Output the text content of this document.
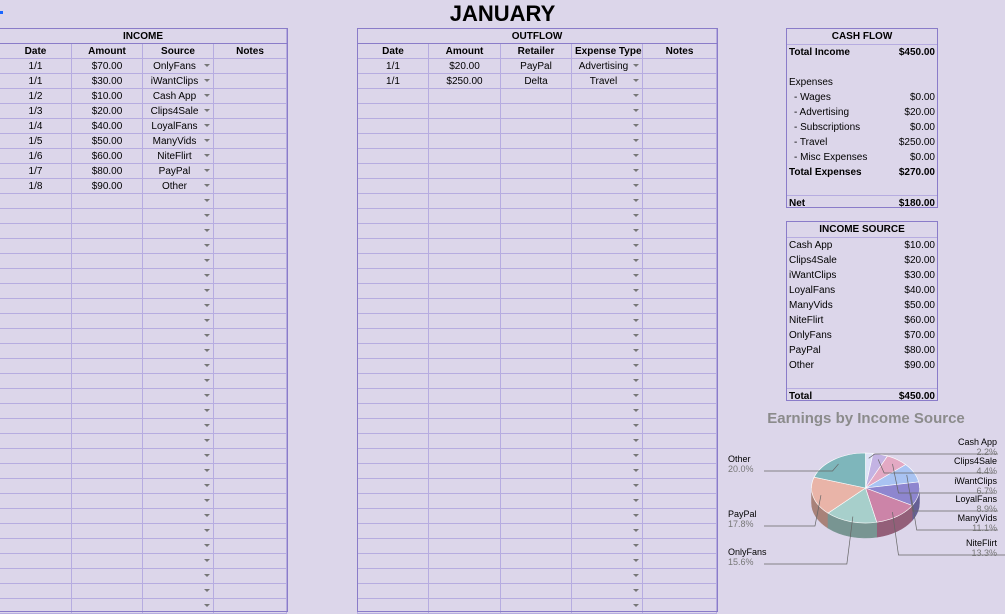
JANUARY
INCOME			
Date	Amount	Source	Notes
1/1	$70.00	OnlyFans

1/1	$30.00	iWantClips

1/2	$10.00	Cash App

1/3	$20.00	Clips4Sale

1/4	$40.00	LoyalFans

1/5	$50.00	ManyVids

1/6	$60.00	NiteFlirt

1/7	$80.00	PayPal

1/8	$90.00	Other

OUTFLOW				
Date	Amount	Retailer	Expense Type	Notes
1/1	$20.00	PayPal	Advertising

1/1	$250.00	Delta	Travel

CASH FLOW
Total Income	$450.00
Expenses
- Wages	$0.00
- Advertising	$20.00
- Subscriptions	$0.00
- Travel	$250.00
- Misc Expenses	$0.00
Total Expenses	$270.00
Net	$180.00
INCOME SOURCE
Cash App	$10.00
Clips4Sale	$20.00
iWantClips	$30.00
LoyalFans	$40.00
ManyVids	$50.00
NiteFlirt	$60.00
OnlyFans	$70.00
PayPal	$80.00
Other	$90.00
Total	$450.00
Earnings by Income Source
Cash App
2.2%
Clips4Sale
4.4%
iWantClips
6.7%
LoyalFans
8.9%
ManyVids
11.1%
NiteFlirt
13.3%
OnlyFans
15.6%
PayPal
17.8%
Other
20.0%
